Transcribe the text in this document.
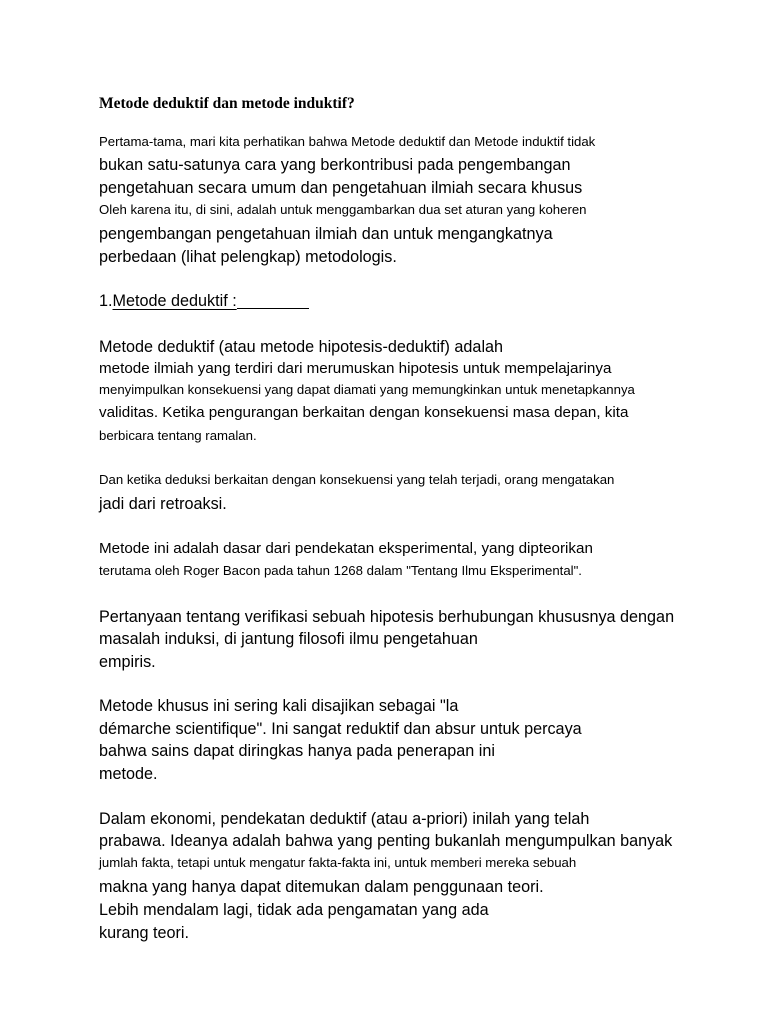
Metode deduktif dan metode induktif?
Pertama-tama, mari kita perhatikan bahwa Metode deduktif dan Metode induktif tidak
bukan satu-satunya cara yang berkontribusi pada pengembangan
pengetahuan secara umum dan pengetahuan ilmiah secara khusus
Oleh karena itu, di sini, adalah untuk menggambarkan dua set aturan yang koheren
pengembangan pengetahuan ilmiah dan untuk mengangkatnya
perbedaan (lihat pelengkap) metodologis.
1.Metode deduktif :
Metode deduktif (atau metode hipotesis-deduktif) adalah
metode ilmiah yang terdiri dari merumuskan hipotesis untuk mempelajarinya
menyimpulkan konsekuensi yang dapat diamati yang memungkinkan untuk menetapkannya
validitas. Ketika pengurangan berkaitan dengan konsekuensi masa depan, kita
berbicara tentang ramalan.
Dan ketika deduksi berkaitan dengan konsekuensi yang telah terjadi, orang mengatakan
jadi dari retroaksi.
Metode ini adalah dasar dari pendekatan eksperimental, yang dipteorikan
terutama oleh Roger Bacon pada tahun 1268 dalam "Tentang Ilmu Eksperimental".
Pertanyaan tentang verifikasi sebuah hipotesis berhubungan khususnya dengan
masalah induksi, di jantung filosofi ilmu pengetahuan
empiris.
Metode khusus ini sering kali disajikan sebagai "la
démarche scientifique". Ini sangat reduktif dan absur untuk percaya
bahwa sains dapat diringkas hanya pada penerapan ini
metode.
Dalam ekonomi, pendekatan deduktif (atau a-priori) inilah yang telah
prabawa. Ideanya adalah bahwa yang penting bukanlah mengumpulkan banyak
jumlah fakta, tetapi untuk mengatur fakta-fakta ini, untuk memberi mereka sebuah
makna yang hanya dapat ditemukan dalam penggunaan teori.
Lebih mendalam lagi, tidak ada pengamatan yang ada
kurang teori.
